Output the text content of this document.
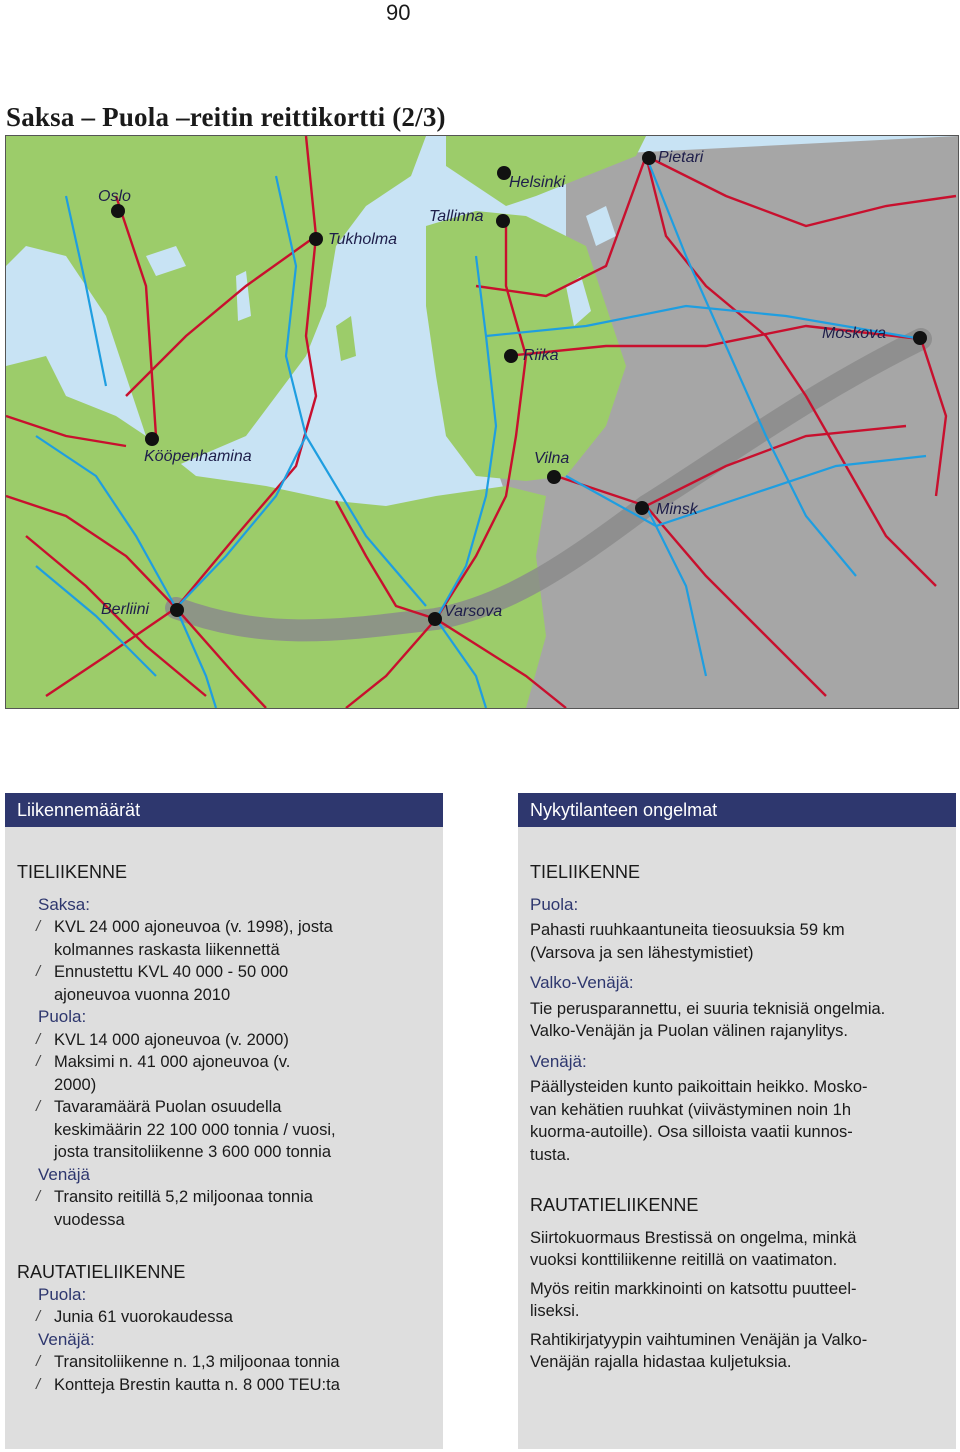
90
Saksa – Puola –reitin reittikortti (2/3)
Oslo
Tukholma
Tallinna
Helsinki
Pietari
Moskova
Riika
Kööpenhamina	Vilna
Minsk
Berliini	Varsova
Liikennemäärät
TIELIIKENNE
Saksa:
/ KVL 24 000 ajoneuvoa (v. 1998), josta
kolmannes raskasta liikennettä
/ Ennustettu KVL 40 000 - 50 000
ajoneuvoa vuonna 2010
Puola:
/ KVL 14 000 ajoneuvoa (v. 2000)
/ Maksimi n. 41 000 ajoneuvoa (v.
2000)
/ Tavaramäärä Puolan osuudella
keskimäärin 22 100 000 tonnia / vuosi,
josta transitoliikenne 3 600 000 tonnia
Venäjä
/ Transito reitillä 5,2 miljoonaa tonnia
vuodessa
RAUTATIELIIKENNE
Puola:
/ Junia 61 vuorokaudessa
Venäjä:
/ Transitoliikenne n. 1,3 miljoonaa tonnia
/ Kontteja Brestin kautta n. 8 000 TEU:ta
Nykytilanteen ongelmat
TIELIIKENNE
Puola:
Pahasti ruuhkaantuneita tieosuuksia 59 km
(Varsova ja sen lähestymistiet)
Valko-Venäjä:
Tie perusparannettu, ei suuria teknisiä ongelmia.
Valko-Venäjän ja Puolan välinen rajanylitys.
Venäjä:
Päällysteiden kunto paikoittain heikko. Mosko-
van kehätien ruuhkat (viivästyminen noin 1h
kuorma-autoille). Osa silloista vaatii kunnos-
tusta.
RAUTATIELIIKENNE
Siirtokuormaus Brestissä on ongelma, minkä
vuoksi konttiliikenne reitillä on vaatimaton.
Myös reitin markkinointi on katsottu puutteel-
liseksi.
Rahtikirjatyypin vaihtuminen Venäjän ja Valko-
Venäjän rajalla hidastaa kuljetuksia.
